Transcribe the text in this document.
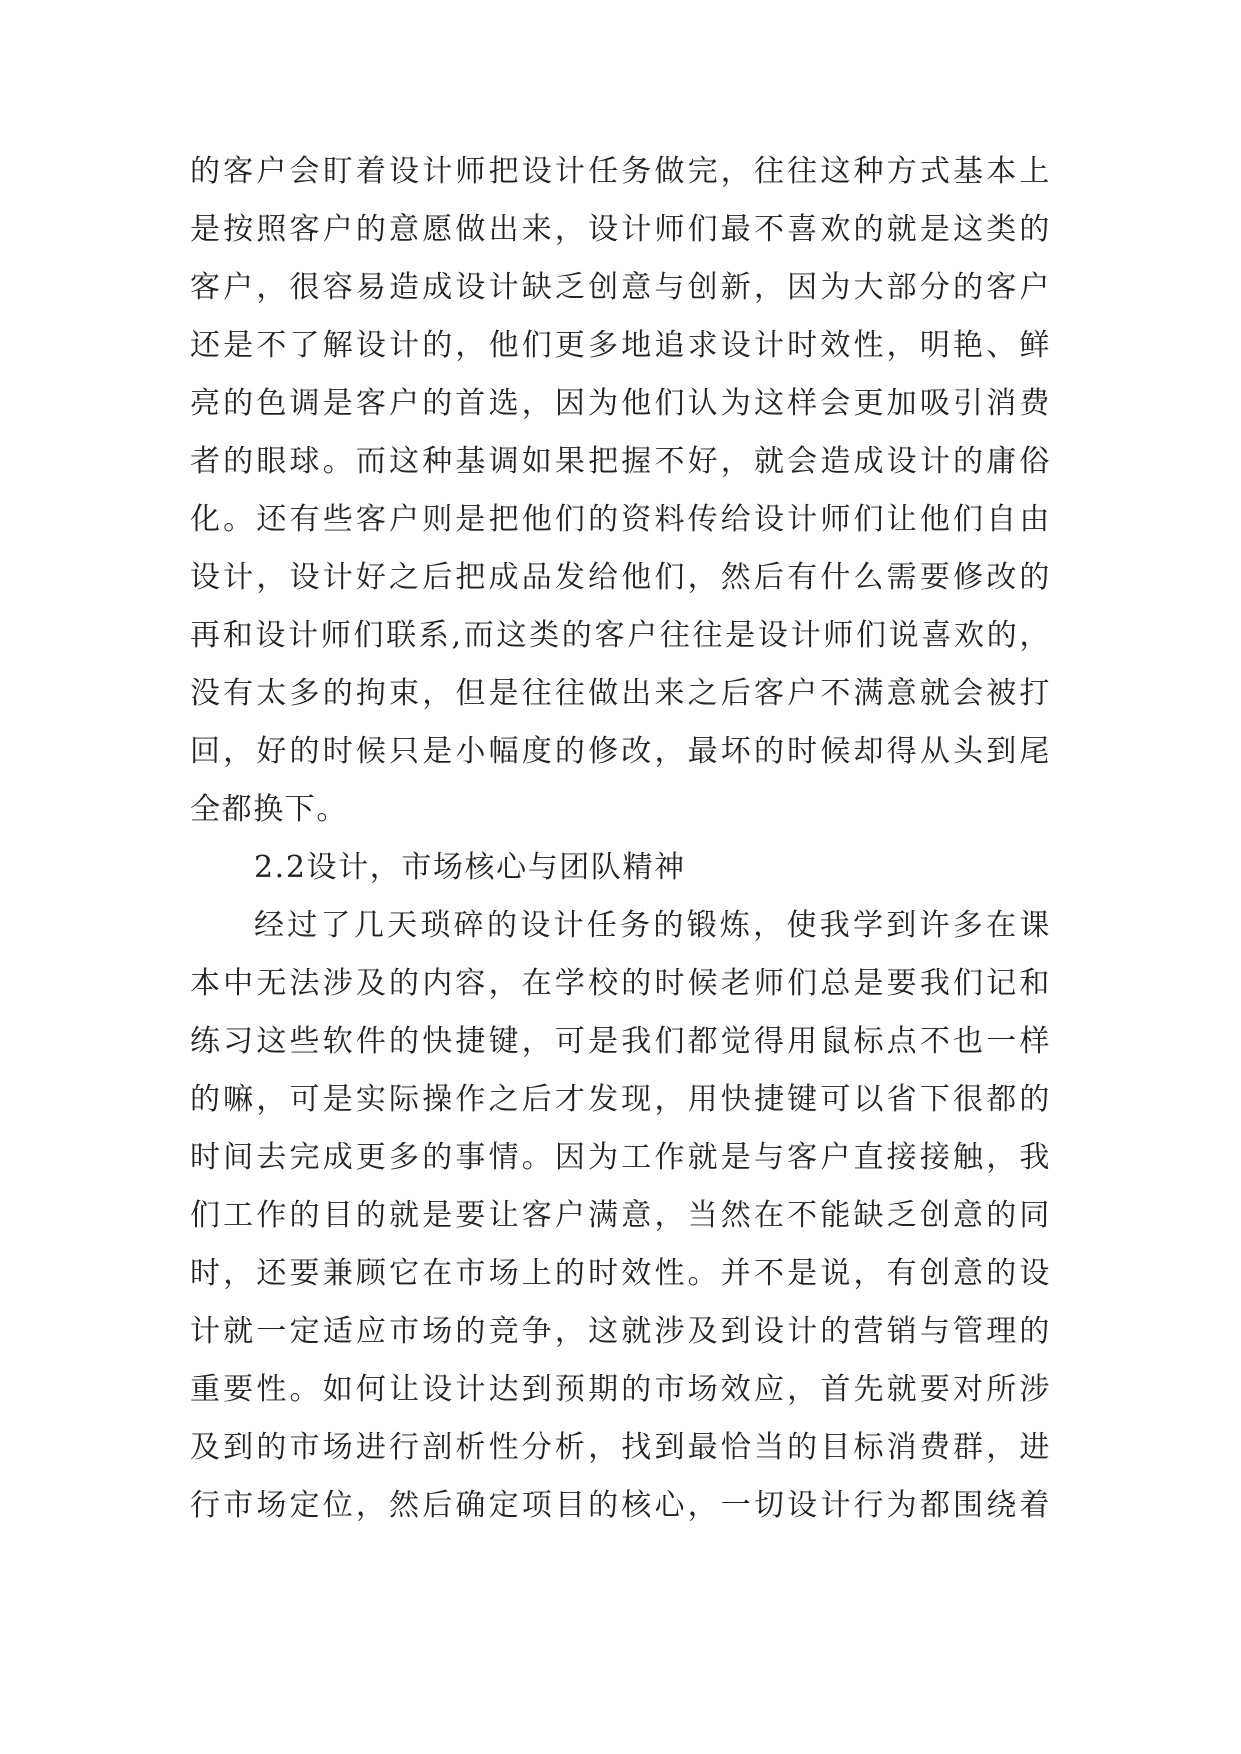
的客户会盯着设计师把设计任务做完，往往这种方式基本上
是按照客户的意愿做出来，设计师们最不喜欢的就是这类的
客户，很容易造成设计缺乏创意与创新，因为大部分的客户
还是不了解设计的，他们更多地追求设计时效性，明艳、鲜
亮的色调是客户的首选，因为他们认为这样会更加吸引消费
者的眼球。而这种基调如果把握不好，就会造成设计的庸俗
化。还有些客户则是把他们的资料传给设计师们让他们自由
设计，设计好之后把成品发给他们，然后有什么需要修改的
再和设计师们联系,而这类的客户往往是设计师们说喜欢的，
没有太多的拘束，但是往往做出来之后客户不满意就会被打
回，好的时候只是小幅度的修改，最坏的时候却得从头到尾
全都换下。
2.2设计，市场核心与团队精神
经过了几天琐碎的设计任务的锻炼，使我学到许多在课
本中无法涉及的内容，在学校的时候老师们总是要我们记和
练习这些软件的快捷键，可是我们都觉得用鼠标点不也一样
的嘛，可是实际操作之后才发现，用快捷键可以省下很都的
时间去完成更多的事情。因为工作就是与客户直接接触，我
们工作的目的就是要让客户满意，当然在不能缺乏创意的同
时，还要兼顾它在市场上的时效性。并不是说，有创意的设
计就一定适应市场的竞争，这就涉及到设计的营销与管理的
重要性。如何让设计达到预期的市场效应，首先就要对所涉
及到的市场进行剖析性分析，找到最恰当的目标消费群，进
行市场定位，然后确定项目的核心，一切设计行为都围绕着
